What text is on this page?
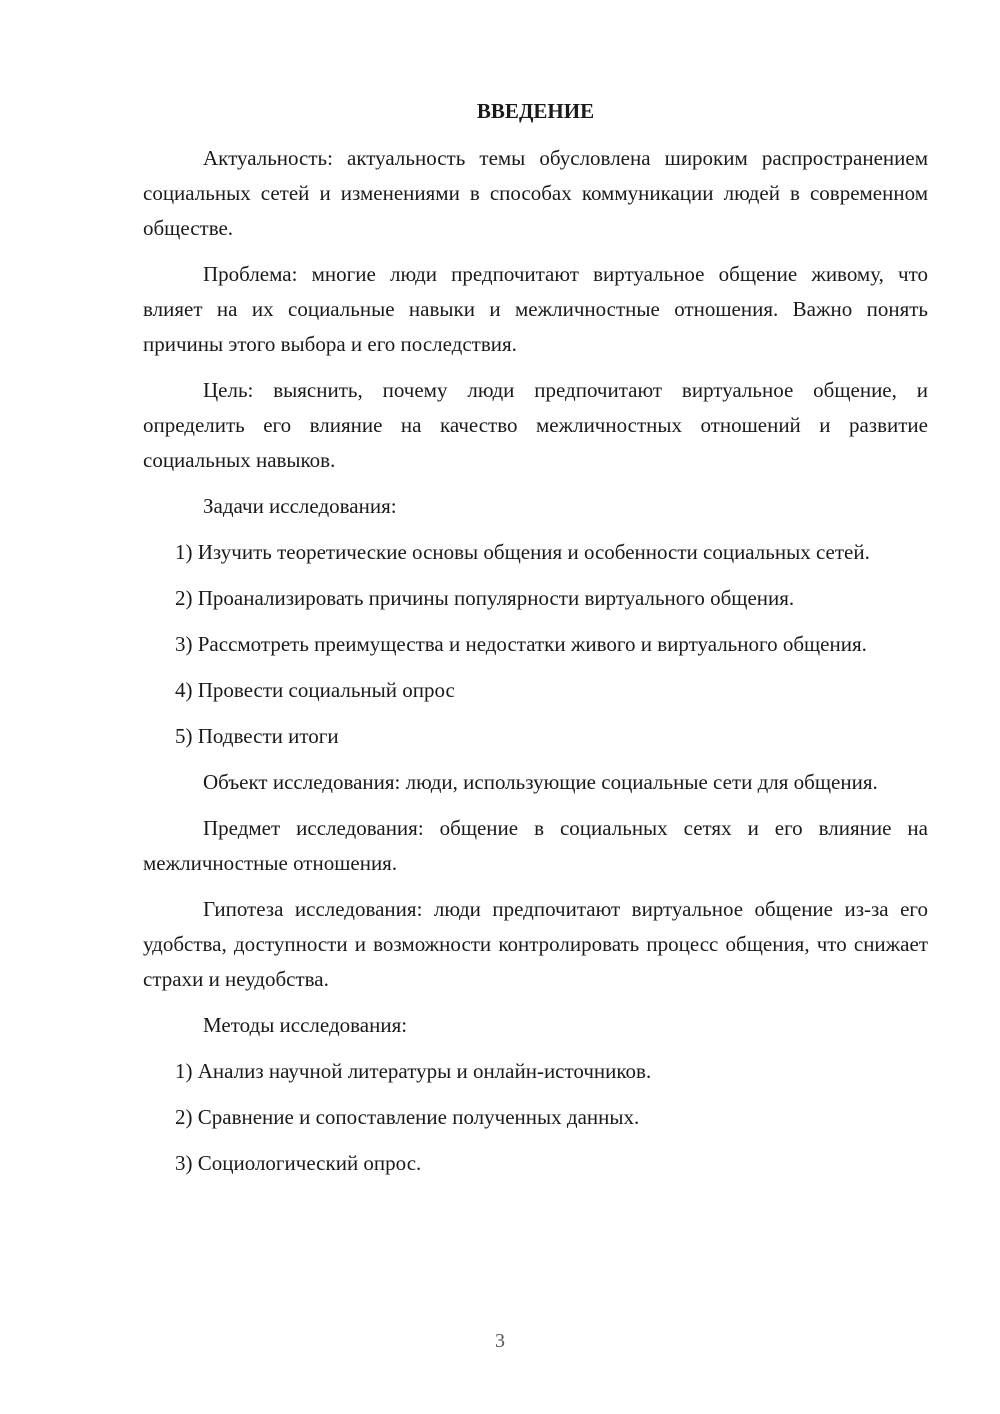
ВВЕДЕНИЕ

Актуальность: актуальность темы обусловлена широким распространением социальных сетей и изменениями в способах коммуникации людей в современном обществе.

Проблема: многие люди предпочитают виртуальное общение живому, что влияет на их социальные навыки и межличностные отношения. Важно понять причины этого выбора и его последствия.

Цель: выяснить, почему люди предпочитают виртуальное общение, и определить его влияние на качество межличностных отношений и развитие социальных навыков.

Задачи исследования:

1) Изучить теоретические основы общения и особенности социальных сетей.

2) Проанализировать причины популярности виртуального общения.

3) Рассмотреть преимущества и недостатки живого и виртуального общения.

4) Провести социальный опрос

5) Подвести итоги

Объект исследования: люди, использующие социальные сети для общения.

Предмет исследования: общение в социальных сетях и его влияние на межличностные отношения.

Гипотеза исследования: люди предпочитают виртуальное общение из-за его удобства, доступности и возможности контролировать процесс общения, что снижает страхи и неудобства.

Методы исследования:

1) Анализ научной литературы и онлайн-источников.

2) Сравнение и сопоставление полученных данных.

3) Социологический опрос.

3
